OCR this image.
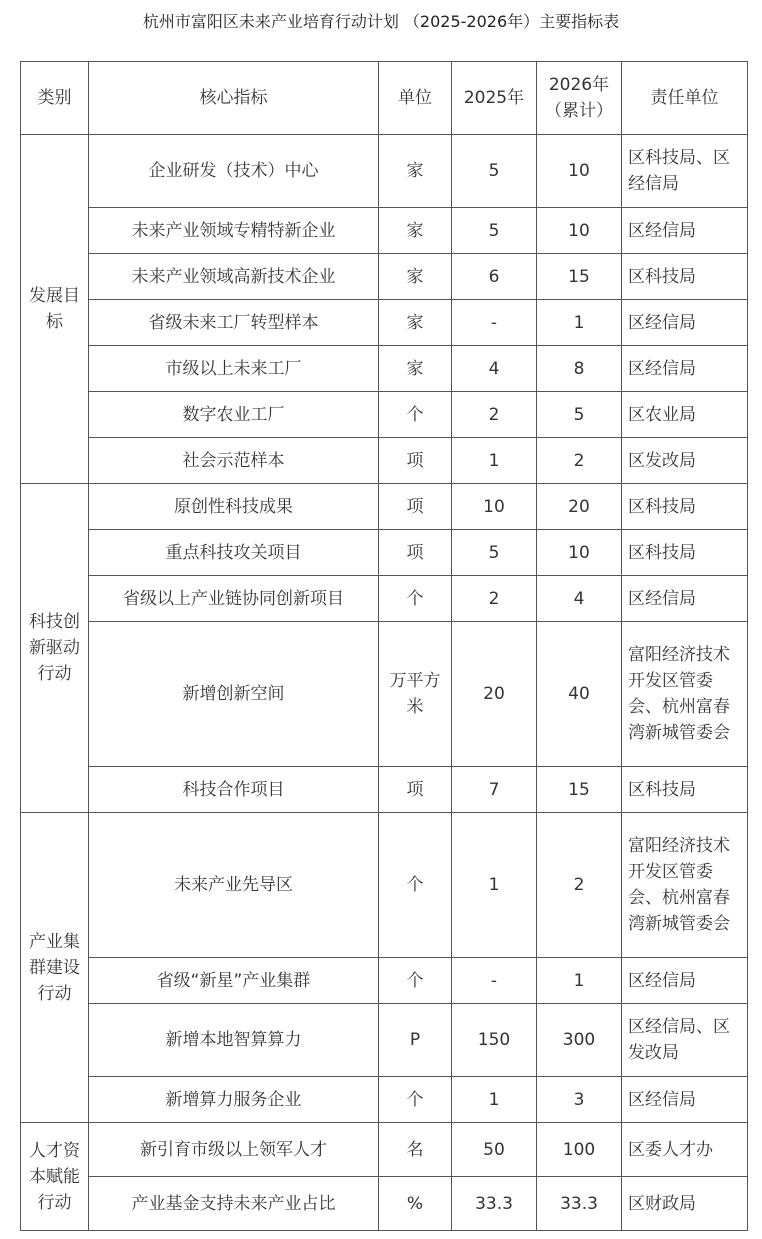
杭州市富阳区未来产业培育行动计划 （2025-2026年）主要指标表
类别	核心指标	单位	2025年	2026年（累计）	责任单位
发展目标	企业研发（技术）中心	家	5	10	区科技局、区经信局
	未来产业领域专精特新企业	家	5	10	区经信局
	未来产业领域高新技术企业	家	6	15	区科技局
	省级未来工厂转型样本	家	-	1	区经信局
	市级以上未来工厂	家	4	8	区经信局
	数字农业工厂	个	2	5	区农业局
	社会示范样本	项	1	2	区发改局
科技创新驱动行动	原创性科技成果	项	10	20	区科技局
	重点科技攻关项目	项	5	10	区科技局
	省级以上产业链协同创新项目	个	2	4	区经信局
	新增创新空间	万平方米	20	40	富阳经济技术开发区管委会、杭州富春湾新城管委会
	科技合作项目	项	7	15	区科技局
产业集群建设行动	未来产业先导区	个	1	2	富阳经济技术开发区管委会、杭州富春湾新城管委会
	省级“新星”产业集群	个	-	1	区经信局
	新增本地智算算力	P	150	300	区经信局、区发改局
	新增算力服务企业	个	1	3	区经信局
人才资本赋能行动	新引育市级以上领军人才	名	50	100	区委人才办
	产业基金支持未来产业占比	%	33.3	33.3	区财政局
